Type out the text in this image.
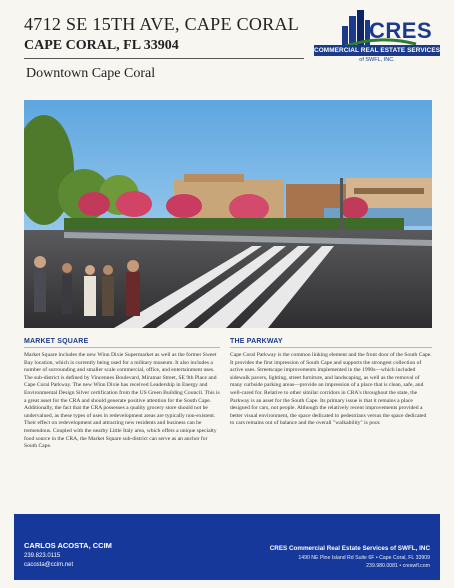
4712 SE 15TH AVE, CAPE CORAL
CAPE CORAL, FL 33904
Downtown Cape Coral
CRES
COMMERCIAL REAL ESTATE SERVICES
of SWFL, INC.
MARKET SQUARE

Market Square includes the new Winn Dixie Supermarket as well as the former Sweet Bay location, which is currently being used for a military museum. It also includes a number of surrounding and smaller scale commercial, office, and entertainment uses. The sub-district is defined by Vincennes Boulevard, Miramar Street, SE 9th Place and Cape Coral Parkway. The new Winn Dixie has received Leadership in Energy and Environmental Design Silver certification from the US Green Building Council. This is a great asset for the CRA and should generate positive attention for the South Cape. Additionally, the fact that the CRA possesses a quality grocery store should not be undervalued, as these types of uses in redevelopment areas are typically non-existent. Their effect on redevelopment and attracting new residents and business can be tremendous. Coupled with the nearby Little Italy area, which offers a unique specialty food source in the CRA, the Market Square sub-district can serve as an anchor for South Cape.

THE PARKWAY

Cape Coral Parkway is the common linking element and the front door of the South Cape. It provides the first impression of South Cape and supports the strongest collection of active uses. Streetscape improvements implemented in the 1990s—which included sidewalk pavers, lighting, street furniture, and landscaping, as well as the removal of many curbside parking areas—provide an impression of a place that is clean, safe, and well-cared for. Relative to other similar corridors in CRA's throughout the state, the Parkway is an asset for the South Cape. Its primary issue is that it remains a place designed for cars, not people. Although the relatively recent improvements provided a better visual environment, the space dedicated to pedestrians versus the space dedicated to cars remains out of balance and the overall "walkability" is poor.

CARLOS ACOSTA, CCIM
239.823.0115
cacosta@ccim.net
CRES Commercial Real Estate Services of SWFL, INC
1490 NE Pine Island Rd Suite 6F • Cape Coral, FL 33909
239.980.0081 • creswfl.com
